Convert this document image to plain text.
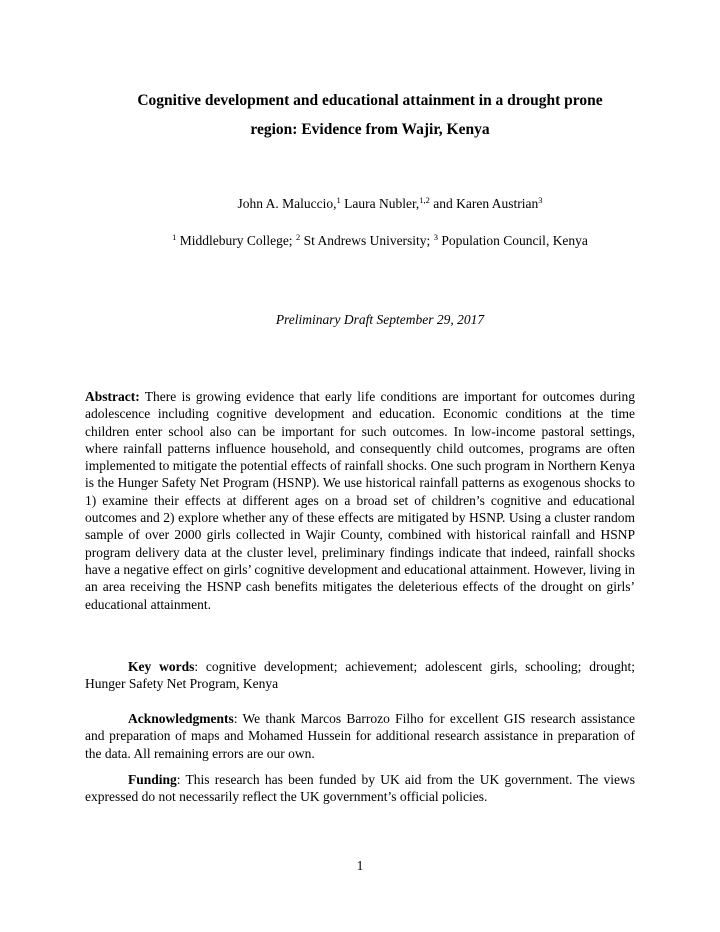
Cognitive development and educational attainment in a drought prone
region: Evidence from Wajir, Kenya
John A. Maluccio,$^1$ Laura Nubler,$^{1,2}$ and Karen Austrian$^3$
$^1$ Middlebury College; $^2$ St Andrews University; $^3$ Population Council, Kenya
Preliminary Draft September 29, 2017
Abstract: There is growing evidence that early life conditions are important for outcomes during adolescence including cognitive development and education. Economic conditions at the time children enter school also can be important for such outcomes. In low-income pastoral settings, where rainfall patterns influence household, and consequently child outcomes, programs are often implemented to mitigate the potential effects of rainfall shocks. One such program in Northern Kenya is the Hunger Safety Net Program (HSNP). We use historical rainfall patterns as exogenous shocks to 1) examine their effects at different ages on a broad set of children’s cognitive and educational outcomes and 2) explore whether any of these effects are mitigated by HSNP. Using a cluster random sample of over 2000 girls collected in Wajir County, combined with historical rainfall and HSNP program delivery data at the cluster level, preliminary findings indicate that indeed, rainfall shocks have a negative effect on girls’ cognitive development and educational attainment. However, living in an area receiving the HSNP cash benefits mitigates the deleterious effects of the drought on girls’ educational attainment.

Key words: cognitive development; achievement; adolescent girls, schooling; drought; Hunger Safety Net Program, Kenya

Acknowledgments: We thank Marcos Barrozo Filho for excellent GIS research assistance and preparation of maps and Mohamed Hussein for additional research assistance in preparation of the data. All remaining errors are our own.

Funding: This research has been funded by UK aid from the UK government. The views expressed do not necessarily reflect the UK government’s official policies.

1
